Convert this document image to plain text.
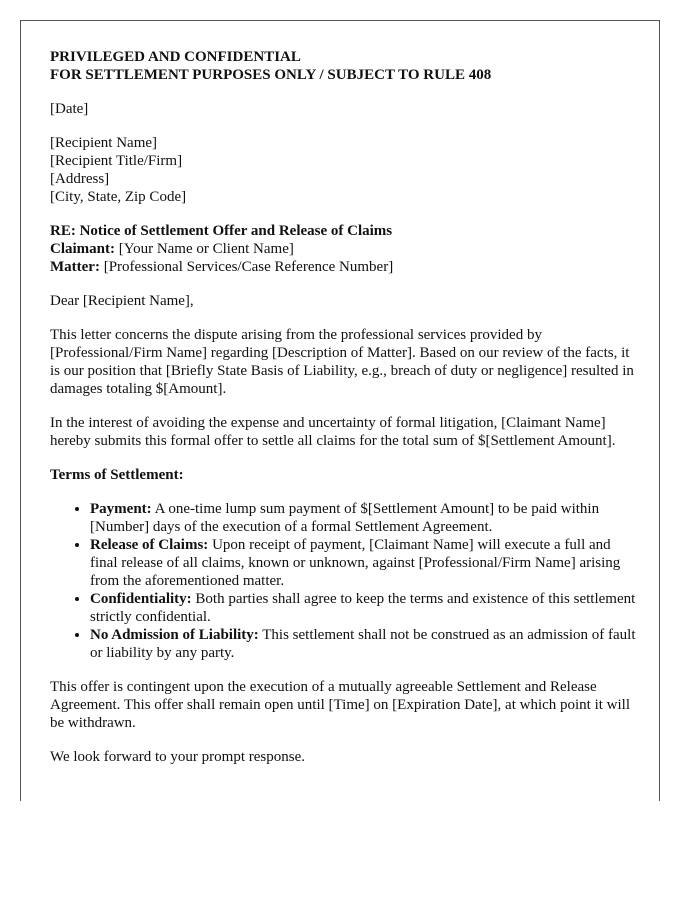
PRIVILEGED AND CONFIDENTIAL
FOR SETTLEMENT PURPOSES ONLY / SUBJECT TO RULE 408
[Date]
[Recipient Name]
[Recipient Title/Firm]
[Address]
[City, State, Zip Code]
RE: Notice of Settlement Offer and Release of Claims
Claimant: [Your Name or Client Name]
Matter: [Professional Services/Case Reference Number]
Dear [Recipient Name],
This letter concerns the dispute arising from the professional services provided by [Professional/Firm Name] regarding [Description of Matter]. Based on our review of the facts, it is our position that [Briefly State Basis of Liability, e.g., breach of duty or negligence] resulted in damages totaling $[Amount].
In the interest of avoiding the expense and uncertainty of formal litigation, [Claimant Name] hereby submits this formal offer to settle all claims for the total sum of $[Settlement Amount].
Terms of Settlement:
• Payment: A one-time lump sum payment of $[Settlement Amount] to be paid within [Number] days of the execution of a formal Settlement Agreement.
• Release of Claims: Upon receipt of payment, [Claimant Name] will execute a full and final release of all claims, known or unknown, against [Professional/Firm Name] arising from the aforementioned matter.
• Confidentiality: Both parties shall agree to keep the terms and existence of this settlement strictly confidential.
• No Admission of Liability: This settlement shall not be construed as an admission of fault or liability by any party.
This offer is contingent upon the execution of a mutually agreeable Settlement and Release Agreement. This offer shall remain open until [Time] on [Expiration Date], at which point it will be withdrawn.
We look forward to your prompt response.
